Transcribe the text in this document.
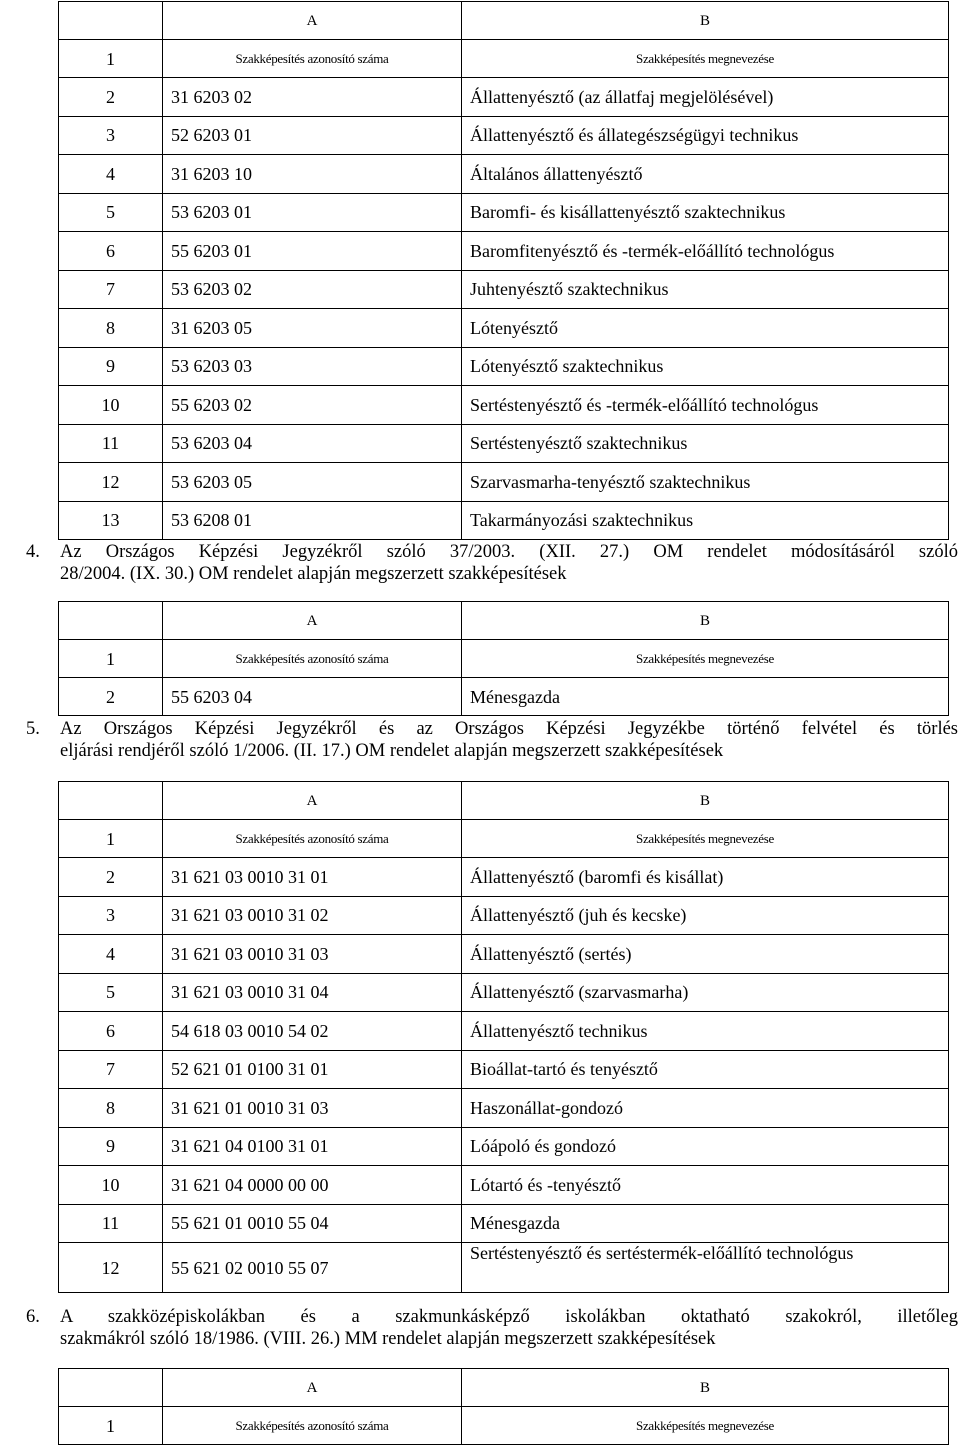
	A	B
1	Szakképesítés azonosító száma	Szakképesítés megnevezése
2	31 6203 02	Állattenyésztő (az állatfaj megjelölésével)
3	52 6203 01	Állattenyésztő és állategészségügyi technikus
4	31 6203 10	Általános állattenyésztő
5	53 6203 01	Baromfi- és kisállattenyésztő szaktechnikus
6	55 6203 01	Baromfitenyésztő és -termék-előállító technológus
7	53 6203 02	Juhtenyésztő szaktechnikus
8	31 6203 05	Lótenyésztő
9	53 6203 03	Lótenyésztő szaktechnikus
10	55 6203 02	Sertéstenyésztő és -termék-előállító technológus
11	53 6203 04	Sertéstenyésztő szaktechnikus
12	53 6203 05	Szarvasmarha-tenyésztő szaktechnikus
13	53 6208 01	Takarmányozási szaktechnikus
4. Az Országos Képzési Jegyzékről szóló 37/2003. (XII. 27.) OM rendelet módosításáról szóló
28/2004. (IX. 30.) OM rendelet alapján megszerzett szakképesítések
	A	B
1	Szakképesítés azonosító száma	Szakképesítés megnevezése
2	55 6203 04	Ménesgazda
5. Az Országos Képzési Jegyzékről és az Országos Képzési Jegyzékbe történő felvétel és törlés
eljárási rendjéről szóló 1/2006. (II. 17.) OM rendelet alapján megszerzett szakképesítések
	A	B
1	Szakképesítés azonosító száma	Szakképesítés megnevezése
2	31 621 03 0010 31 01	Állattenyésztő (baromfi és kisállat)
3	31 621 03 0010 31 02	Állattenyésztő (juh és kecske)
4	31 621 03 0010 31 03	Állattenyésztő (sertés)
5	31 621 03 0010 31 04	Állattenyésztő (szarvasmarha)
6	54 618 03 0010 54 02	Állattenyésztő technikus
7	52 621 01 0100 31 01	Bioállat-tartó és tenyésztő
8	31 621 01 0010 31 03	Haszonállat-gondozó
9	31 621 04 0100 31 01	Lóápoló és gondozó
10	31 621 04 0000 00 00	Lótartó és -tenyésztő
11	55 621 01 0010 55 04	Ménesgazda
12	55 621 02 0010 55 07	Sertéstenyésztő és sertéstermék-előállító technológus
6. A szakközépiskolákban és a szakmunkásképző iskolákban oktatható szakokról, illetőleg
szakmákról szóló 18/1986. (VIII. 26.) MM rendelet alapján megszerzett szakképesítések
	A	B
1	Szakképesítés azonosító száma	Szakképesítés megnevezése
